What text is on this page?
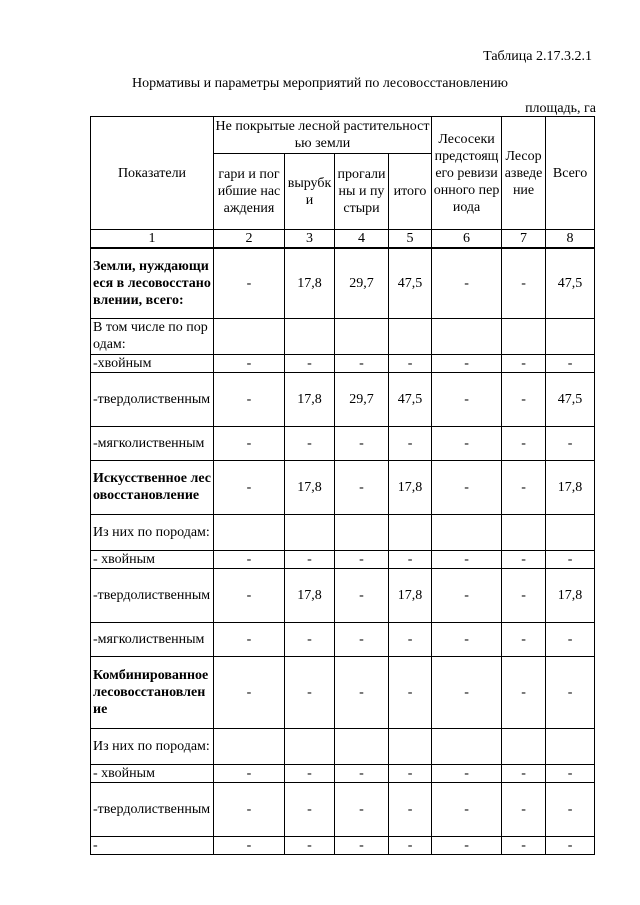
Таблица 2.17.3.2.1
Нормативы и параметры мероприятий по лесовосстановлению
площадь, га
Показатели	Не покрытые лесной растительностью земли				Лесосеки предстоящего ревизионного периода	Лесоразведение	Всего
	гари и погибшие насаждения	вырубки	прогалины и пустыри	итого			
1	2	3	4	5	6	7	8
Земли, нуждающиеся в лесовосстановлении, всего:	-	17,8	29,7	47,5	-	-	47,5
В том числе по породам:							
-хвойным	-	-	-	-	-	-	-
-твердолиственным	-	17,8	29,7	47,5	-	-	47,5
-мягколиственным	-	-	-	-	-	-	-
Искусственное лесовосстановление	-	17,8	-	17,8	-	-	17,8
Из них по породам:							
- хвойным	-	-	-	-	-	-	-
-твердолиственным	-	17,8	-	17,8	-	-	17,8
-мягколиственным	-	-	-	-	-	-	-
Комбинированное лесовосстановление	-	-	-	-	-	-	-
Из них по породам:							
- хвойным	-	-	-	-	-	-	-
-твердолиственным	-	-	-	-	-	-	-
-	-	-	-	-	-	-	-
